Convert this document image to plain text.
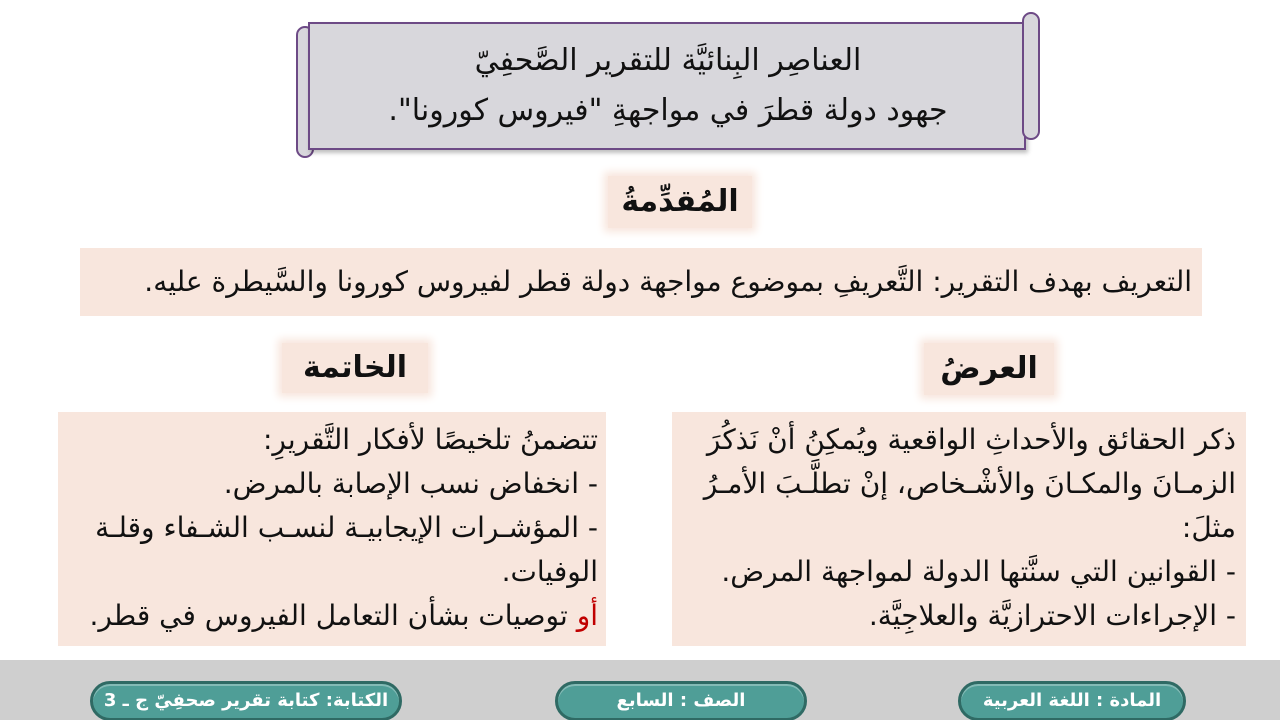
العناصِر البِنائيَّة للتقرير الصَّحفِيّ
جهود دولة قطرَ في مواجهةِ "فيروس كورونا".
المُقدِّمةُ
التعريف بهدف التقرير: التَّعريفِ بموضوع مواجهة دولة قطر لفيروس كورونا والسَّيطرة عليه.
العرضُ
ذكر الحقائق والأحداثِ الواقعية ويُمكِنُ أنْ نَذكُرَ
الزمـانَ والمكـانَ والأشْـخاص، إنْ تطلَّـبَ الأمـرُ
مثلَ:
- القوانين التي سنَّتها الدولة لمواجهة المرض.
- الإجراءات الاحترازيَّة والعلاجِيَّة.
الخاتمة
تتضمنُ تلخيصًا لأفكار التَّقريرِ:
- انخفاض نسب الإصابة بالمرض.
- المؤشـرات الإيجابيـة لنسـب الشـفاء وقلـة
الوفيات.
أو توصيات بشأن التعامل الفيروس في قطر.
المادة : اللغة العربية
الصف : السابع
الكتابة: كتابة تقرير صحفِيّ ج ـ 3
